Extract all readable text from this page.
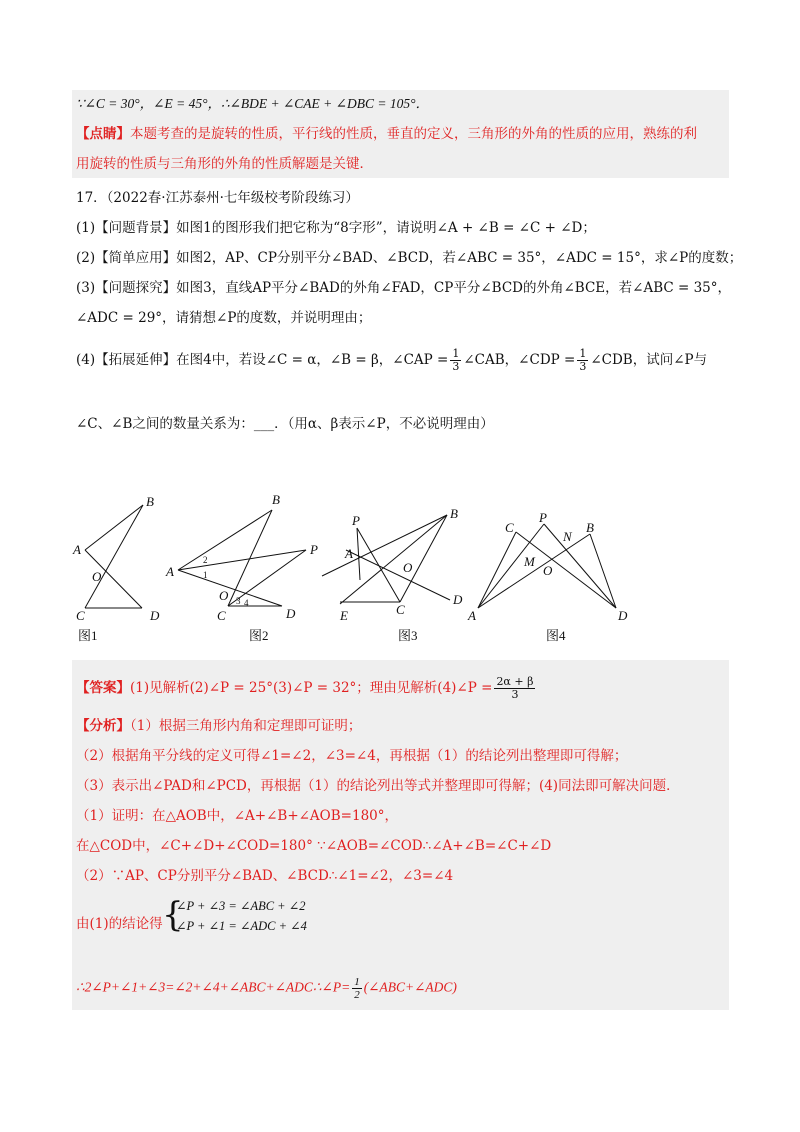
∵∠C = 30°，∠E = 45°，∴∠BDE + ∠CAE + ∠DBC = 105°．
【点睛】本题考查的是旋转的性质，平行线的性质，垂直的定义，三角形的外角的性质的应用，熟练的利
用旋转的性质与三角形的外角的性质解题是关键．
17．（2022春·江苏泰州·七年级校考阶段练习）
(1)【问题背景】如图1的图形我们把它称为“8字形”，请说明∠A + ∠B = ∠C + ∠D；
(2)【简单应用】如图2，AP、CP分别平分∠BAD、∠BCD，若∠ABC = 35°，∠ADC = 15°，求∠P的度数；
(3)【问题探究】如图3，直线AP平分∠BAD的外角∠FAD，CP平分∠BCD的外角∠BCE，若∠ABC = 35°，
∠ADC = 29°，请猜想∠P的度数，并说明理由；
(4)【拓展延伸】在图4中，若设∠C = α，∠B = β，∠CAP = $\frac{1}{3}$ ∠CAB，∠CDP = $\frac{1}{3}$ ∠CDB，试问∠P与
∠C、∠B之间的数量关系为：___．（用α、β表示∠P，不必说明理由）
A
B
O
C	D
A
B
P
O
C	D
1
2
3 4
P	B
A
O
E	C
D
C
P
N
B
M
O
A	D
图1	图2	图3	图4
【答案】(1)见解析(2)∠P = 25°(3)∠P = 32°；理由见解析(4)∠P = $\frac{2\alpha + \beta}{3}$
【分析】（1）根据三角形内角和定理即可证明；
（2）根据角平分线的定义可得∠1=∠2，∠3=∠4，再根据（1）的结论列出整理即可得解；
（3）表示出∠PAD和∠PCD，再根据（1）的结论列出等式并整理即可得解；(4)同法即可解决问题．
（1）证明：在△AOB中，∠A+∠B+∠AOB=180°，
在△COD中，∠C+∠D+∠COD=180° ∵∠AOB=∠COD∴∠A+∠B=∠C+∠D
（2）∵AP、CP分别平分∠BAD、∠BCD∴∠1=∠2，∠3=∠4
由(1)的结论得 {
∠P + ∠3 = ∠ABC + ∠2
∠P + ∠1 = ∠ADC + ∠4
∴2∠P+∠1+∠3=∠2+∠4+∠ABC+∠ADC∴∠P= $\frac{1}{2}$ (∠ABC+∠ADC)
